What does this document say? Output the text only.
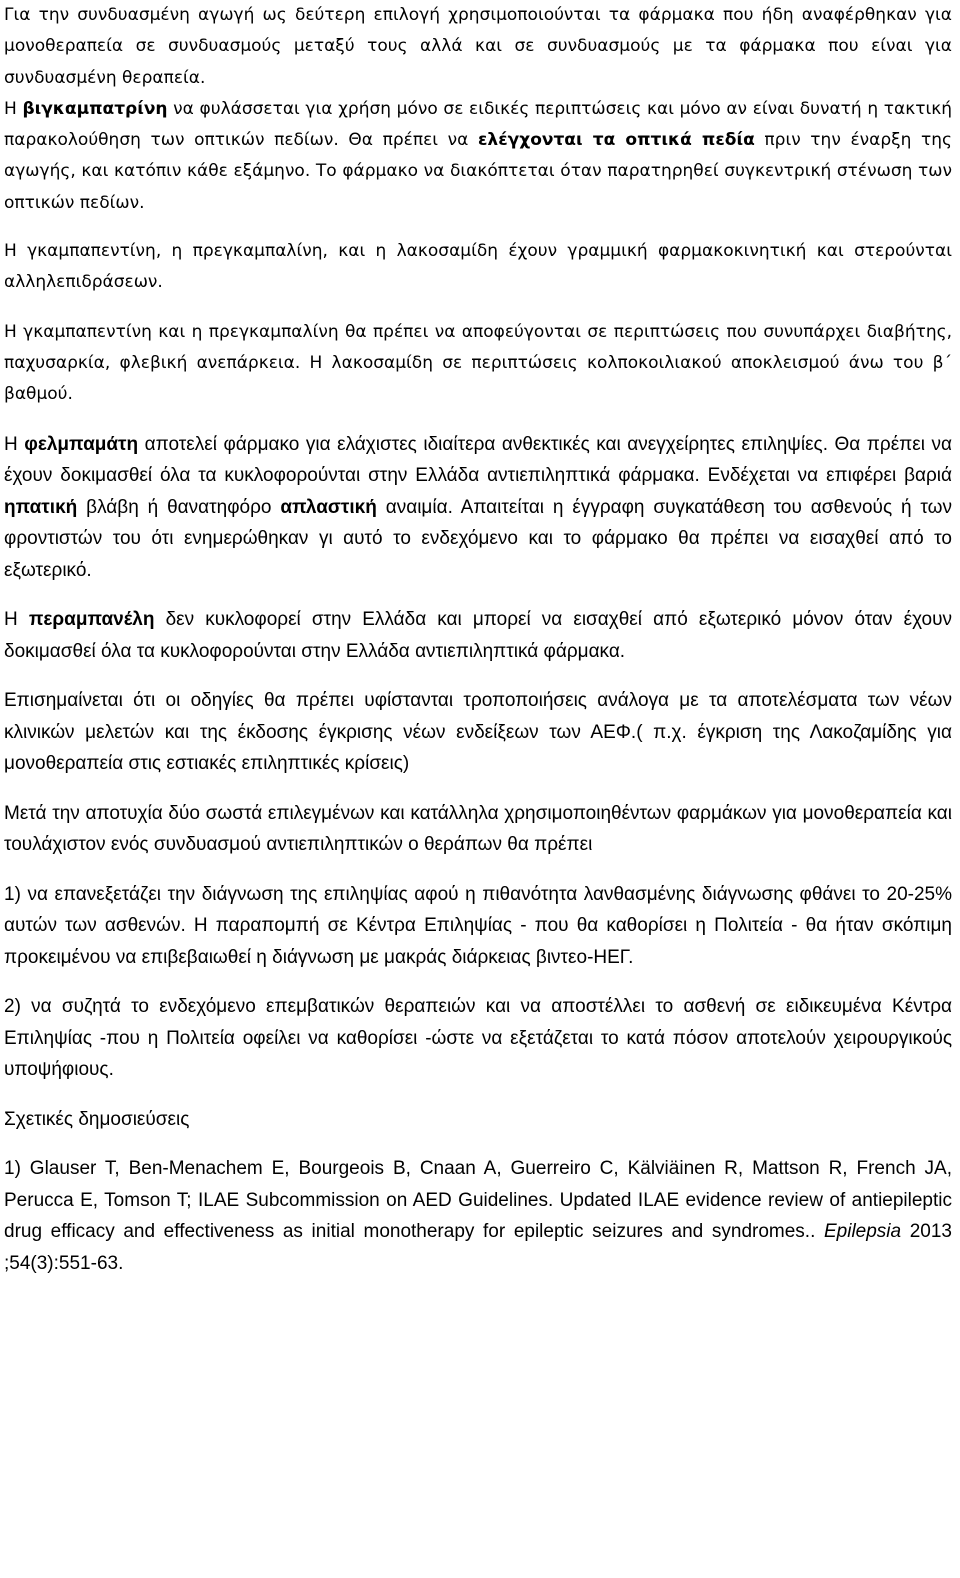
Για την συνδυασμένη αγωγή ως δεύτερη επιλογή χρησιμοποιούνται τα φάρμακα που ήδη αναφέρθηκαν για μονοθεραπεία σε συνδυασμούς μεταξύ τους αλλά και σε συνδυασμούς με τα φάρμακα που είναι για συνδυασμένη θεραπεία.

Η βιγκαμπατρίνη να φυλάσσεται για χρήση μόνο σε ειδικές περιπτώσεις και μόνο αν είναι δυνατή η τακτική παρακολούθηση των οπτικών πεδίων. Θα πρέπει να ελέγχονται τα οπτικά πεδία πριν την έναρξη της αγωγής, και κατόπιν κάθε εξάμηνο. Το φάρμακο να διακόπτεται όταν παρατηρηθεί συγκεντρική στένωση των οπτικών πεδίων.

Η γκαμπαπεντίνη, η πρεγκαμπαλίνη, και η λακοσαμίδη έχουν γραμμική φαρμακοκινητική και στερούνται αλληλεπιδράσεων.

Η γκαμπαπεντίνη και η πρεγκαμπαλίνη θα πρέπει να αποφεύγονται σε περιπτώσεις που συνυπάρχει διαβήτης, παχυσαρκία, φλεβική ανεπάρκεια. Η λακοσαμίδη σε περιπτώσεις κολποκοιλιακού αποκλεισμού άνω του β΄ βαθμού.

Η φελμπαμάτη αποτελεί φάρμακο για ελάχιστες ιδιαίτερα ανθεκτικές και ανεγχείρητες επιληψίες. Θα πρέπει να έχουν δοκιμασθεί όλα τα κυκλοφορούνται στην Ελλάδα αντιεπιληπτικά φάρμακα. Ενδέχεται να επιφέρει βαριά ηπατική βλάβη ή θανατηφόρο απλαστική αναιμία. Απαιτείται η έγγραφη συγκατάθεση του ασθενούς ή των φροντιστών του ότι ενημερώθηκαν γι αυτό το ενδεχόμενο και το φάρμακο θα πρέπει να εισαχθεί από το εξωτερικό.

Η περαμπανέλη δεν κυκλοφορεί στην Ελλάδα και μπορεί να εισαχθεί από εξωτερικό μόνον όταν έχουν δοκιμασθεί όλα τα κυκλοφορούνται στην Ελλάδα αντιεπιληπτικά φάρμακα.

Επισημαίνεται ότι οι οδηγίες θα πρέπει υφίστανται τροποποιήσεις ανάλογα με τα αποτελέσματα των νέων κλινικών μελετών και της έκδοσης έγκρισης νέων ενδείξεων των ΑΕΦ.( π.χ. έγκριση της Λακοζαμίδης για μονοθεραπεία στις εστιακές επιληπτικές κρίσεις)

Μετά την αποτυχία δύο σωστά επιλεγμένων και κατάλληλα χρησιμοποιηθέντων φαρμάκων για μονοθεραπεία και τουλάχιστον ενός συνδυασμού αντιεπιληπτικών ο θεράπων θα πρέπει

1) να επανεξετάζει την διάγνωση της επιληψίας αφού η πιθανότητα λανθασμένης διάγνωσης φθάνει το 20-25% αυτών των ασθενών. Η παραπομπή σε Κέντρα Επιληψίας - που θα καθορίσει η Πολιτεία - θα ήταν σκόπιμη προκειμένου να επιβεβαιωθεί η διάγνωση με μακράς διάρκειας βιντεο-ΗΕΓ.

2) να συζητά το ενδεχόμενο επεμβατικών θεραπειών και να αποστέλλει το ασθενή σε ειδικευμένα Κέντρα Επιληψίας -που η Πολιτεία οφείλει να καθορίσει -ώστε να εξετάζεται το κατά πόσον αποτελούν χειρουργικούς υποψήφιους.

Σχετικές δημοσιεύσεις

1) Glauser T, Ben-Menachem E, Bourgeois B, Cnaan A, Guerreiro C, Kälviäinen R, Mattson R, French JA, Perucca E, Tomson T; ILAE Subcommission on AED Guidelines. Updated ILAE evidence review of antiepileptic drug efficacy and effectiveness as initial monotherapy for epileptic seizures and syndromes.. Epilepsia 2013 ;54(3):551-63.
